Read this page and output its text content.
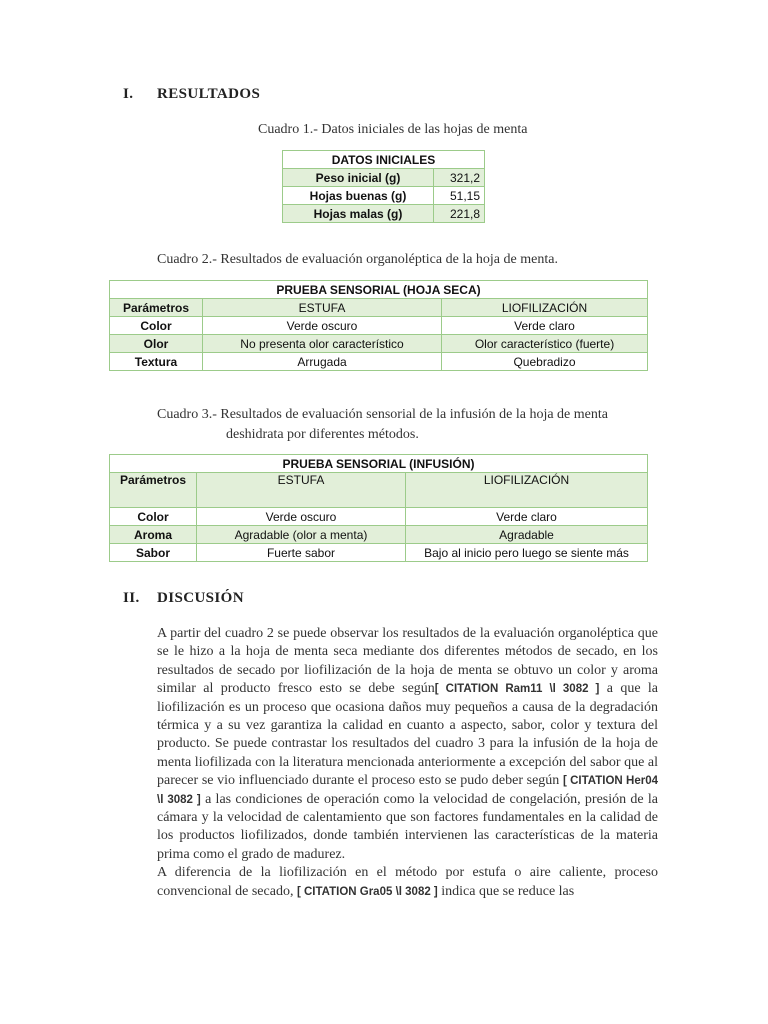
I. RESULTADOS
Cuadro 1.- Datos iniciales de las hojas de menta
DATOS INICIALES	
Peso inicial (g)	321,2
Hojas buenas (g)	51,15
Hojas malas (g)	221,8
Cuadro 2.- Resultados de evaluación organoléptica de la hoja de menta.
PRUEBA SENSORIAL (HOJA SECA)		
Parámetros	ESTUFA	LIOFILIZACIÓN
Color	Verde oscuro	Verde claro
Olor	No presenta olor característico	Olor característico (fuerte)
Textura	Arrugada	Quebradizo
Cuadro 3.- Resultados de evaluación sensorial de la infusión de la hoja de menta
deshidrata por diferentes métodos.
PRUEBA SENSORIAL (INFUSIÓN)		
Parámetros	ESTUFA	LIOFILIZACIÓN
Color	Verde oscuro	Verde claro
Aroma	Agradable (olor a menta)	Agradable
Sabor	Fuerte sabor	Bajo al inicio pero luego se siente más
II. DISCUSIÓN

A partir del cuadro 2 se puede observar los resultados de la evaluación organoléptica que se le hizo a la hoja de menta seca mediante dos diferentes métodos de secado, en los resultados de secado por liofilización de la hoja de menta se obtuvo un color y aroma similar al producto fresco esto se debe según[ CITATION Ram11 \l 3082 ] a que la liofilización es un proceso que ocasiona daños muy pequeños a causa de la degradación térmica y a su vez garantiza la calidad en cuanto a aspecto, sabor, color y textura del producto. Se puede contrastar los resultados del cuadro 3 para la infusión de la hoja de menta liofilizada con la literatura mencionada anteriormente a excepción del sabor que al parecer se vio influenciado durante el proceso esto se pudo deber según [ CITATION Her04 \l 3082 ] a las condiciones de operación como la velocidad de congelación, presión de la cámara y la velocidad de calentamiento que son factores fundamentales en la calidad de los productos liofilizados, donde también intervienen las características de la materia prima como el grado de madurez.

A diferencia de la liofilización en el método por estufa o aire caliente, proceso convencional de secado, [ CITATION Gra05 \l 3082 ] indica que se reduce las
